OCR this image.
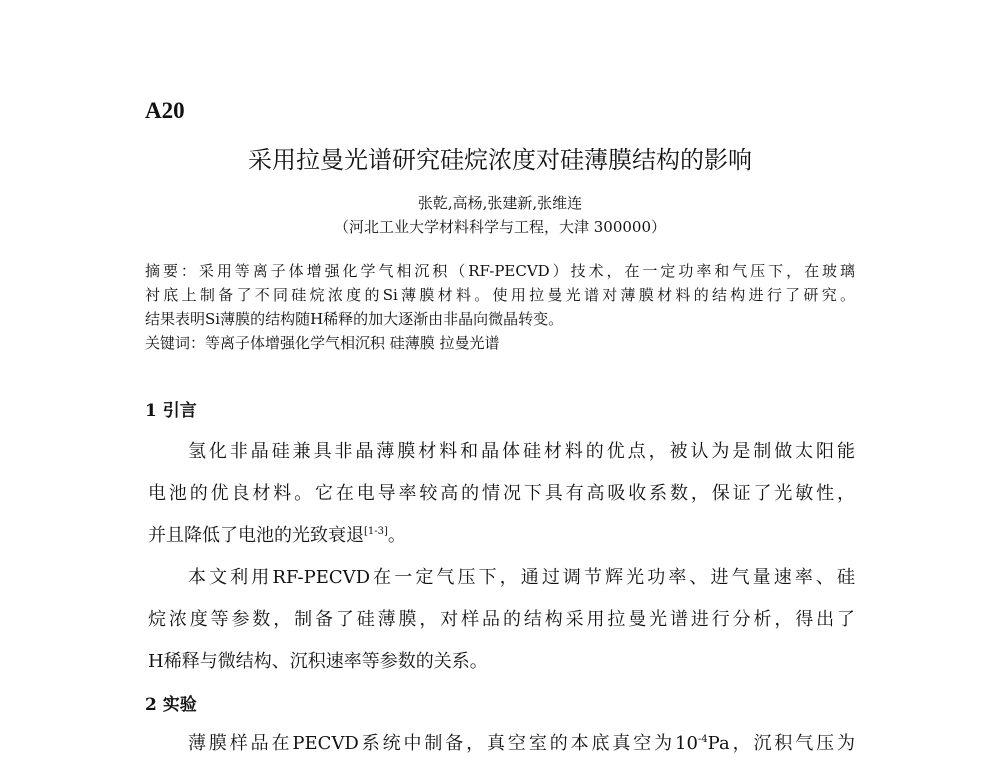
A20
采用拉曼光谱研究硅烷浓度对硅薄膜结构的影响
张乾,高杨,张建新,张维连
（河北工业大学材料科学与工程，大津 300000）
摘要：采用等离子体增强化学气相沉积（RF-PECVD）技术，在一定功率和气压下，在玻璃
衬底上制备了不同硅烷浓度的Si薄膜材料。使用拉曼光谱对薄膜材料的结构进行了研究。
结果表明Si薄膜的结构随H稀释的加大逐渐由非晶向微晶转变。
关键词：等离子体增强化学气相沉积 硅薄膜 拉曼光谱
1 引言
氢化非晶硅兼具非晶薄膜材料和晶体硅材料的优点，被认为是制做太阳能
电池的优良材料。它在电导率较高的情况下具有高吸收系数，保证了光敏性，
并且降低了电池的光致衰退[1-3]。
本文利用RF-PECVD在一定气压下，通过调节辉光功率、进气量速率、硅
烷浓度等参数，制备了硅薄膜，对样品的结构采用拉曼光谱进行分析，得出了
H稀释与微结构、沉积速率等参数的关系。
2 实验
薄膜样品在PECVD系统中制备，真空室的本底真空为$10^{-4}Pa$，沉积气压为
